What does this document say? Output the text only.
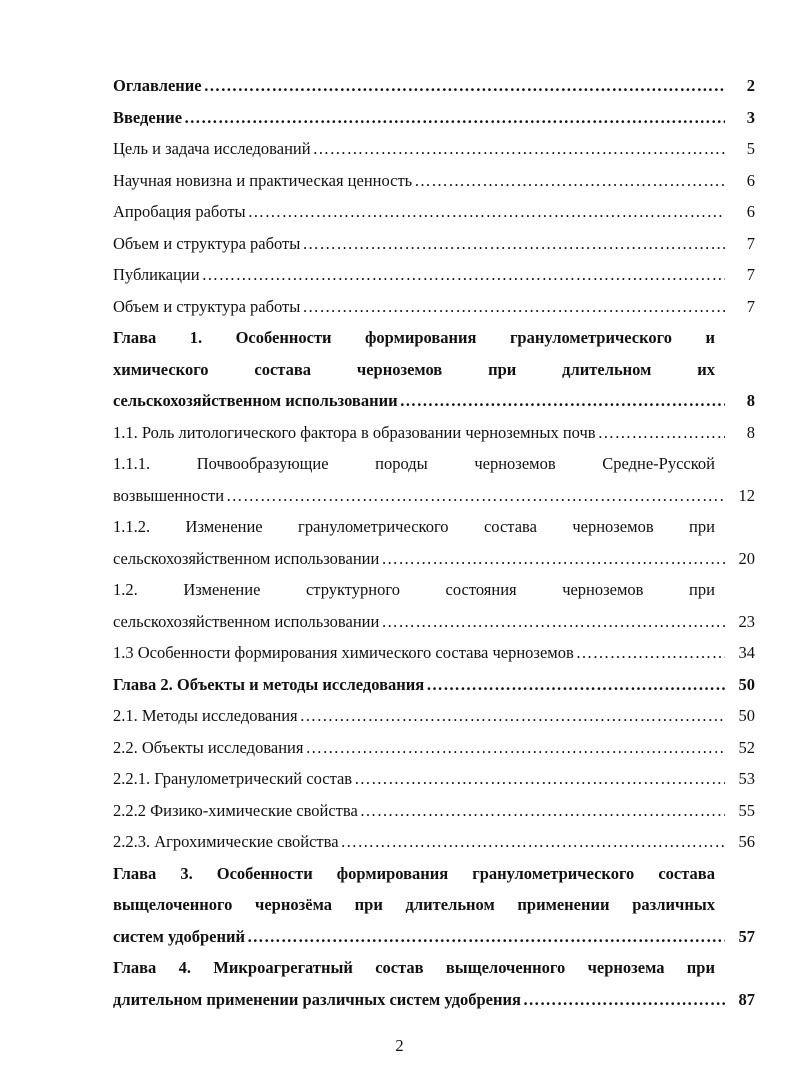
Оглавление …………………………………………………………………………………………………………………………………………………………………	2
Введение …………………………………………………………………………………………………………………………………………………………………	3
Цель и задача исследований …………………………………………………………………………………………………………………………………………………………………	5
Научная новизна и практическая ценность …………………………………………………………………………………………………………………………………………………………………	6
Апробация работы …………………………………………………………………………………………………………………………………………………………………	6
Объем и структура работы …………………………………………………………………………………………………………………………………………………………………	7
Публикации …………………………………………………………………………………………………………………………………………………………………	7
Объем и структура работы …………………………………………………………………………………………………………………………………………………………………	7
Глава 1. Особенности формирования гранулометрического и
химического	состава	черноземов	при	длительном	их
сельскохозяйственном использовании …………………………………………………………………………………………………………………………………………………………………	8
1.1. Роль литологического фактора в образовании черноземных почв …………………………………………………………………………………………………………………………………………………………………	8
1.1.1.	Почвообразующие	породы	черноземов	Средне-Русской
возвышенности …………………………………………………………………………………………………………………………………………………………………	12
1.1.2. Изменение гранулометрического состава черноземов при
сельскохозяйственном использовании …………………………………………………………………………………………………………………………………………………………………	20
1.2.	Изменение	структурного	состояния	черноземов	при
сельскохозяйственном использовании …………………………………………………………………………………………………………………………………………………………………	23
1.3 Особенности формирования химического состава черноземов …………………………………………………………………………………………………………………………………………………………………	34
Глава 2. Объекты и методы исследования …………………………………………………………………………………………………………………………………………………………………	50
2.1. Методы исследования …………………………………………………………………………………………………………………………………………………………………	50
2.2. Объекты исследования …………………………………………………………………………………………………………………………………………………………………	52
2.2.1. Гранулометрический состав …………………………………………………………………………………………………………………………………………………………………	53
2.2.2 Физико-химические свойства …………………………………………………………………………………………………………………………………………………………………	55
2.2.3. Агрохимические свойства …………………………………………………………………………………………………………………………………………………………………	56
Глава 3. Особенности формирования гранулометрического состава
выщелоченного чернозёма при длительном применении различных
систем удобрений …………………………………………………………………………………………………………………………………………………………………	57
Глава 4. Микроагрегатный состав выщелоченного чернозема при
длительном применении различных систем удобрения …………………………………………………………………………………………………………………………………………………………………	87
2
